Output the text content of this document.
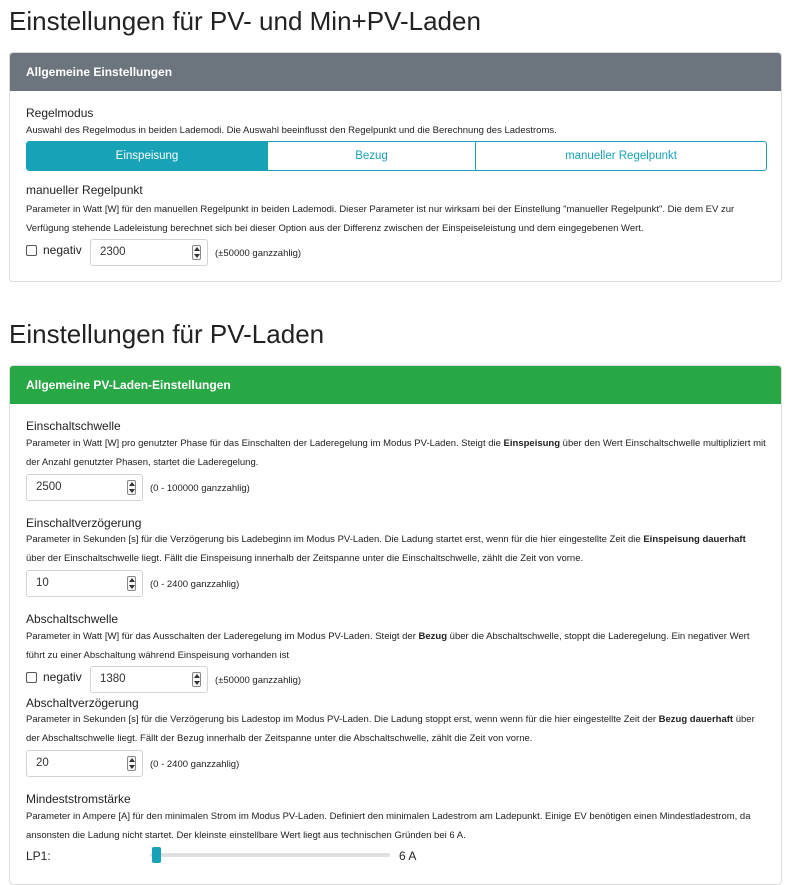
Einstellungen für PV- und Min+PV-Laden
Allgemeine Einstellungen
Regelmodus
Auswahl des Regelmodus in beiden Lademodi. Die Auswahl beeinflusst den Regelpunkt und die Berechnung des Ladestroms.
Einspeisung	Bezug	manueller Regelpunkt
manueller Regelpunkt
Parameter in Watt [W] für den manuellen Regelpunkt in beiden Lademodi. Dieser Parameter ist nur wirksam bei der Einstellung "manueller Regelpunkt". Die dem EV zur Verfügung stehende Ladeleistung berechnet sich bei dieser Option aus der Differenz zwischen der Einspeiseleistung und dem eingegebenen Wert.
negativ 2300	(±50000 ganzzahlig)
Einstellungen für PV-Laden
Allgemeine PV-Laden-Einstellungen
Einschaltschwelle
Parameter in Watt [W] pro genutzter Phase für das Einschalten der Laderegelung im Modus PV-Laden. Steigt die Einspeisung über den Wert Einschaltschwelle multipliziert mit der Anzahl genutzter Phasen, startet die Laderegelung.
2500	(0 - 100000 ganzzahlig)
Einschaltverzögerung
Parameter in Sekunden [s] für die Verzögerung bis Ladebeginn im Modus PV-Laden. Die Ladung startet erst, wenn für die hier eingestellte Zeit die Einspeisung dauerhaft über der Einschaltschwelle liegt. Fällt die Einspeisung innerhalb der Zeitspanne unter die Einschaltschwelle, zählt die Zeit von vorne.
10	(0 - 2400 ganzzahlig)
Abschaltschwelle
Parameter in Watt [W] für das Ausschalten der Laderegelung im Modus PV-Laden. Steigt der Bezug über die Abschaltschwelle, stoppt die Laderegelung. Ein negativer Wert führt zu einer Abschaltung während Einspeisung vorhanden ist
negativ 1380	(±50000 ganzzahlig)
Abschaltverzögerung
Parameter in Sekunden [s] für die Verzögerung bis Ladestop im Modus PV-Laden. Die Ladung stoppt erst, wenn wenn für die hier eingestellte Zeit der Bezug dauerhaft über der Abschaltschwelle liegt. Fällt der Bezug innerhalb der Zeitspanne unter die Abschaltschwelle, zählt die Zeit von vorne.
20	(0 - 2400 ganzzahlig)
Mindeststromstärke
Parameter in Ampere [A] für den minimalen Strom im Modus PV-Laden. Definiert den minimalen Ladestrom am Ladepunkt. Einige EV benötigen einen Mindestladestrom, da ansonsten die Ladung nicht startet. Der kleinste einstellbare Wert liegt aus technischen Gründen bei 6 A.
LP1:	6 A
